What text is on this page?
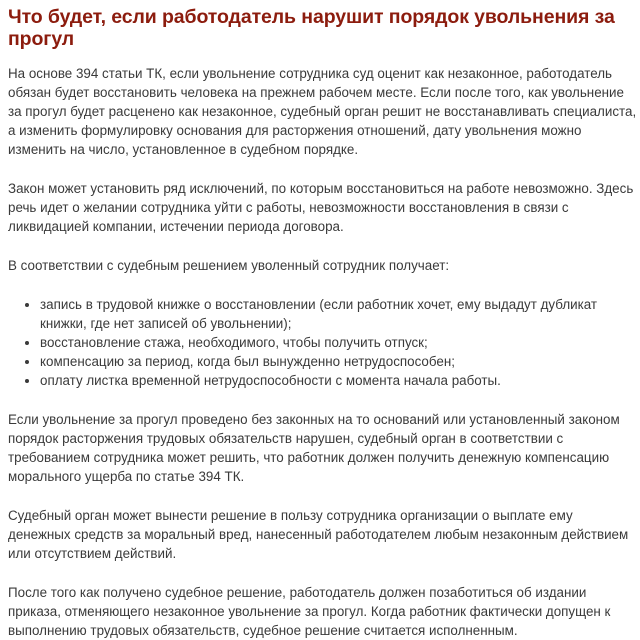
Что будет, если работодатель нарушит порядок увольнения за прогул

На основе 394 статьи ТК, если увольнение сотрудника суд оценит как незаконное, работодатель обязан будет восстановить человека на прежнем рабочем месте. Если после того, как увольнение за прогул будет расценено как незаконное, судебный орган решит не восстанавливать специалиста, а изменить формулировку основания для расторжения отношений, дату увольнения можно изменить на число, установленное в судебном порядке.

Закон может установить ряд исключений, по которым восстановиться на работе невозможно. Здесь речь идет о желании сотрудника уйти с работы, невозможности восстановления в связи с ликвидацией компании, истечении периода договора.

В соответствии с судебным решением уволенный сотрудник получает:

• запись в трудовой книжке о восстановлении (если работник хочет, ему выдадут дубликат книжки, где нет записей об увольнении);
• восстановление стажа, необходимого, чтобы получить отпуск;
• компенсацию за период, когда был вынужденно нетрудоспособен;
• оплату листка временной нетрудоспособности с момента начала работы.

Если увольнение за прогул проведено без законных на то оснований или установленный законом порядок расторжения трудовых обязательств нарушен, судебный орган в соответствии с требованием сотрудника может решить, что работник должен получить денежную компенсацию морального ущерба по статье 394 ТК.

Судебный орган может вынести решение в пользу сотрудника организации о выплате ему денежных средств за моральный вред, нанесенный работодателем любым незаконным действием или отсутствием действий.

После того как получено судебное решение, работодатель должен позаботиться об издании приказа, отменяющего незаконное увольнение за прогул. Когда работник фактически допущен к выполнению трудовых обязательств, судебное решение считается исполненным.
